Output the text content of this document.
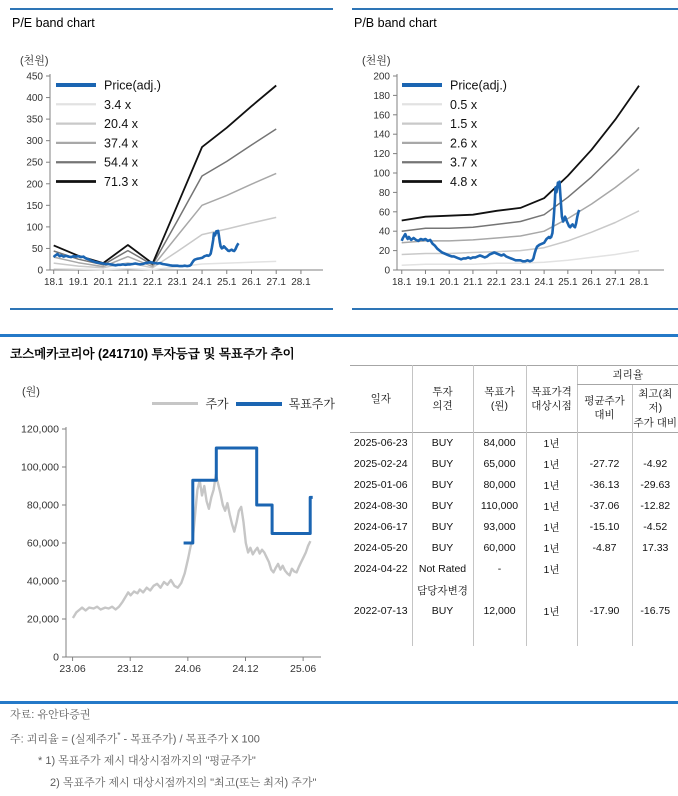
P/E band chart
(천원)
0
50
100
150
200
250
300
350
400
450
18.1 19.1 20.1 21.1 22.1 23.1 24.1 25.1 26.1 27.1 28.1
Price(adj.)
3.4 x
20.4 x
37.4 x
54.4 x
71.3 x
P/B band chart
(천원)
0
20
40
60
80
100
120
140
160
180
200
18.1 19.1 20.1 21.1 22.1 23.1 24.1 25.1 26.1 27.1 28.1
Price(adj.)
0.5 x
1.5 x
2.6 x
3.7 x
4.8 x
코스메카코리아 (241710) 투자등급 및 목표주가 추이
(원)
주가	목표주가
0
20,000
40,000
60,000
80,000
100,000
120,000
23.06	23.12	24.06	24.12	25.06
일자	
투자
의견

목표가
(원)

목표가격
대상시점
	괴리율

평균주가
대비

최고(최저)
주가 대비

2025-06-23	BUY	84,000	1년		
2025-02-24	BUY	65,000	1년	-27.72	-4.92
2025-01-06	BUY	80,000	1년	-36.13	-29.63
2024-08-30	BUY	110,000	1년	-37.06	-12.82
2024-06-17	BUY	93,000	1년	-15.10	-4.52
2024-05-20	BUY	60,000	1년	-4.87	17.33
2024-04-22	Not Rated	-	1년		
	담당자변경				
2022-07-13	BUY	12,000	1년	-17.90	-16.75

자료: 유안타증권

주: 괴리율 = (실제주가* - 목표주가) / 목표주가 X 100

* 1) 목표주가 제시 대상시점까지의 "평균주가"

2) 목표주가 제시 대상시점까지의 "최고(또는 최저) 주가"
